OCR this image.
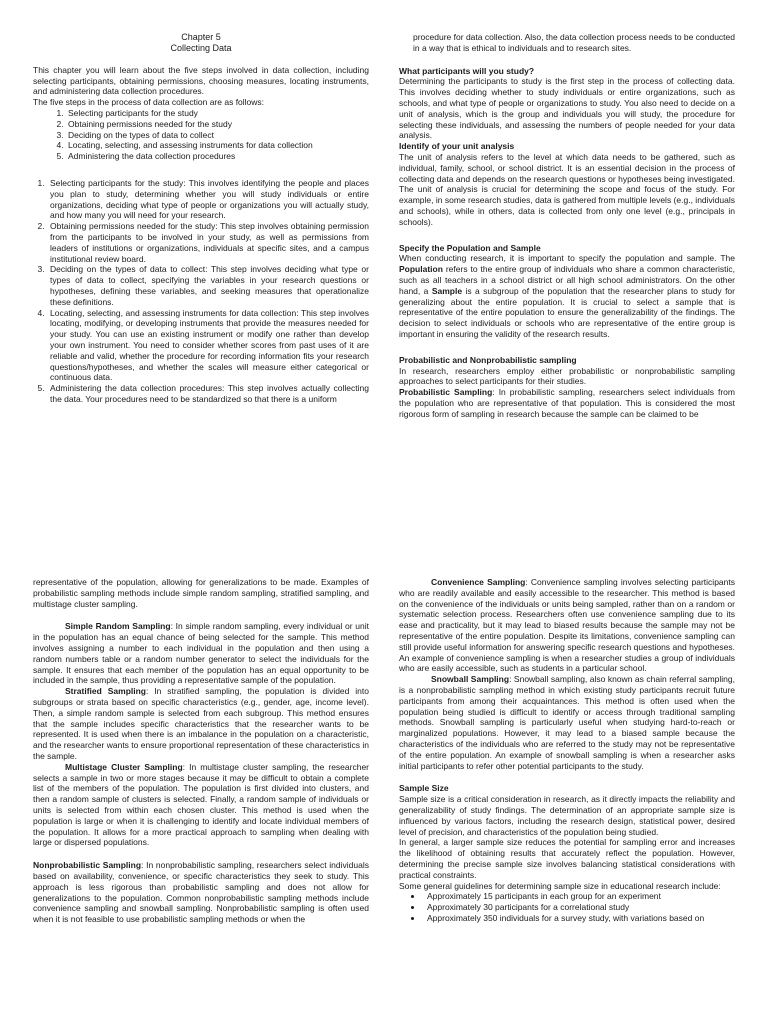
Chapter 5

Collecting Data

This chapter you will learn about the five steps involved in data collection, including selecting participants, obtaining permissions, choosing measures, locating instruments, and administering data collection procedures.

The five steps in the process of data collection are as follows:

1. Selecting participants for the study
2. Obtaining permissions needed for the study
3. Deciding on the types of data to collect
4. Locating, selecting, and assessing instruments for data collection
5. Administering the data collection procedures
1. Selecting participants for the study: This involves identifying the people and places you plan to study, determining whether you will study individuals or entire organizations, deciding what type of people or organizations you will actually study, and how many you will need for your research.
2. Obtaining permissions needed for the study: This step involves obtaining permission from the participants to be involved in your study, as well as permissions from leaders of institutions or organizations, individuals at specific sites, and a campus institutional review board.
3. Deciding on the types of data to collect: This step involves deciding what type or types of data to collect, specifying the variables in your research questions or hypotheses, defining these variables, and seeking measures that operationalize these definitions.
4. Locating, selecting, and assessing instruments for data collection: This step involves locating, modifying, or developing instruments that provide the measures needed for your study. You can use an existing instrument or modify one rather than develop your own instrument. You need to consider whether scores from past uses of it are reliable and valid, whether the procedure for recording information fits your research questions/hypotheses, and whether the scales will measure either categorical or continuous data.
5. Administering the data collection procedures: This step involves actually collecting the data. Your procedures need to be standardized so that there is a uniform

procedure for data collection. Also, the data collection process needs to be conducted in a way that is ethical to individuals and to research sites.

What participants will you study?

Determining the participants to study is the first step in the process of collecting data. This involves deciding whether to study individuals or entire organizations, such as schools, and what type of people or organizations to study. You also need to decide on a unit of analysis, which is the group and individuals you will study, the procedure for selecting these individuals, and assessing the numbers of people needed for your data analysis.

Identify of your unit analysis

The unit of analysis refers to the level at which data needs to be gathered, such as individual, family, school, or school district. It is an essential decision in the process of collecting data and depends on the research questions or hypotheses being investigated. The unit of analysis is crucial for determining the scope and focus of the study. For example, in some research studies, data is gathered from multiple levels (e.g., individuals and schools), while in others, data is collected from only one level (e.g., principals in schools).

Specify the Population and Sample

When conducting research, it is important to specify the population and sample. The Population refers to the entire group of individuals who share a common characteristic, such as all teachers in a school district or all high school administrators. On the other hand, a Sample is a subgroup of the population that the researcher plans to study for generalizing about the entire population. It is crucial to select a sample that is representative of the entire population to ensure the generalizability of the findings. The decision to select individuals or schools who are representative of the entire group is important in ensuring the validity of the research results.

Probabilistic and Nonprobabilistic sampling

In research, researchers employ either probabilistic or nonprobabilistic sampling approaches to select participants for their studies.

Probabilistic Sampling: In probabilistic sampling, researchers select individuals from the population who are representative of that population. This is considered the most rigorous form of sampling in research because the sample can be claimed to be

representative of the population, allowing for generalizations to be made. Examples of probabilistic sampling methods include simple random sampling, stratified sampling, and multistage cluster sampling.

Simple Random Sampling: In simple random sampling, every individual or unit in the population has an equal chance of being selected for the sample. This method involves assigning a number to each individual in the population and then using a random numbers table or a random number generator to select the individuals for the sample. It ensures that each member of the population has an equal opportunity to be included in the sample, thus providing a representative sample of the population.

Stratified Sampling: In stratified sampling, the population is divided into subgroups or strata based on specific characteristics (e.g., gender, age, income level). Then, a simple random sample is selected from each subgroup. This method ensures that the sample includes specific characteristics that the researcher wants to be represented. It is used when there is an imbalance in the population on a characteristic, and the researcher wants to ensure proportional representation of these characteristics in the sample.

Multistage Cluster Sampling: In multistage cluster sampling, the researcher selects a sample in two or more stages because it may be difficult to obtain a complete list of the members of the population. The population is first divided into clusters, and then a random sample of clusters is selected. Finally, a random sample of individuals or units is selected from within each chosen cluster. This method is used when the population is large or when it is challenging to identify and locate individual members of the population. It allows for a more practical approach to sampling when dealing with large or dispersed populations.

Nonprobabilistic Sampling: In nonprobabilistic sampling, researchers select individuals based on availability, convenience, or specific characteristics they seek to study. This approach is less rigorous than probabilistic sampling and does not allow for generalizations to the population. Common nonprobabilistic sampling methods include convenience sampling and snowball sampling. Nonprobabilistic sampling is often used when it is not feasible to use probabilistic sampling methods or when the

Convenience Sampling: Convenience sampling involves selecting participants who are readily available and easily accessible to the researcher. This method is based on the convenience of the individuals or units being sampled, rather than on a random or systematic selection process. Researchers often use convenience sampling due to its ease and practicality, but it may lead to biased results because the sample may not be representative of the entire population. Despite its limitations, convenience sampling can still provide useful information for answering specific research questions and hypotheses. An example of convenience sampling is when a researcher studies a group of individuals who are easily accessible, such as students in a particular school.

Snowball Sampling: Snowball sampling, also known as chain referral sampling, is a nonprobabilistic sampling method in which existing study participants recruit future participants from among their acquaintances. This method is often used when the population being studied is difficult to identify or access through traditional sampling methods. Snowball sampling is particularly useful when studying hard-to-reach or marginalized populations. However, it may lead to a biased sample because the characteristics of the individuals who are referred to the study may not be representative of the entire population. An example of snowball sampling is when a researcher asks initial participants to refer other potential participants to the study.

Sample Size

Sample size is a critical consideration in research, as it directly impacts the reliability and generalizability of study findings. The determination of an appropriate sample size is influenced by various factors, including the research design, statistical power, desired level of precision, and characteristics of the population being studied.

In general, a larger sample size reduces the potential for sampling error and increases the likelihood of obtaining results that accurately reflect the population. However, determining the precise sample size involves balancing statistical considerations with practical constraints.

Some general guidelines for determining sample size in educational research include:

• Approximately 15 participants in each group for an experiment
• Approximately 30 participants for a correlational study
• Approximately 350 individuals for a survey study, with variations based on
